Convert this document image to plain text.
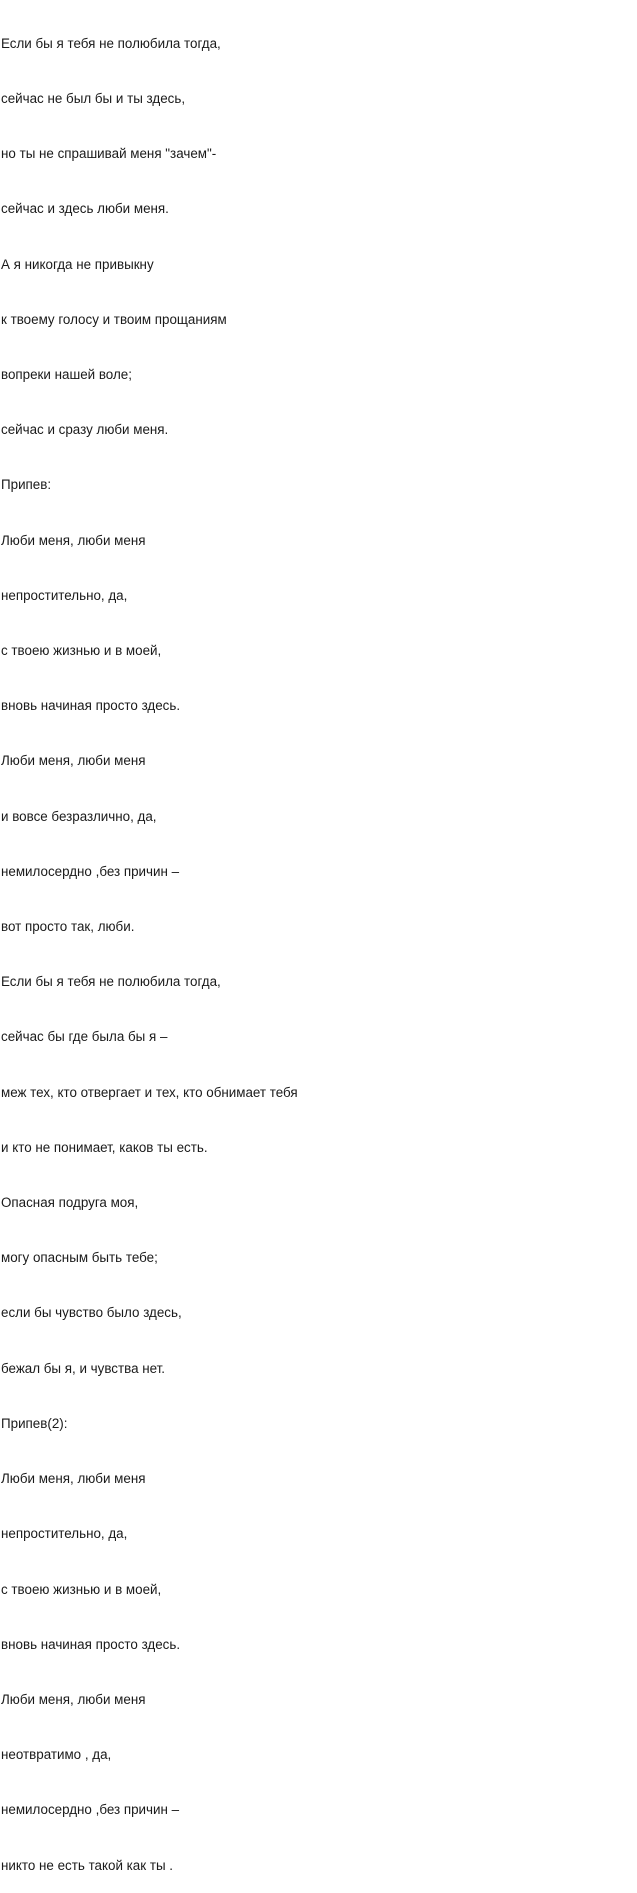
Если бы я тебя не полюбила тогда,

сейчас не был бы и ты здесь,

но ты не спрашивай меня "зачем"-

сейчас и здесь люби меня.

А я никогда не привыкну

к твоему голосу и твоим прощаниям

вопреки нашей воле;

сейчас и сразу люби меня.

Припев:

Люби меня, люби меня

непростительно, да,

с твоею жизнью и в моей,

вновь начиная просто здесь.

Люби меня, люби меня

и вовсе безразлично, да,

немилосердно ,без причин –

вот просто так, люби.

Если бы я тебя не полюбила тогда,

сейчас бы где была бы я –

меж тех, кто отвергает и тех, кто обнимает тебя

и кто не понимает, каков ты есть.

Опасная подруга моя,

могу опасным быть тебе;

если бы чувство было здесь,

бежал бы я, и чувства нет.

Припев(2):

Люби меня, люби меня

непростительно, да,

с твоею жизнью и в моей,

вновь начиная просто здесь.

Люби меня, люби меня

неотвратимо , да,

немилосердно ,без причин –

никто не есть такой как ты .
